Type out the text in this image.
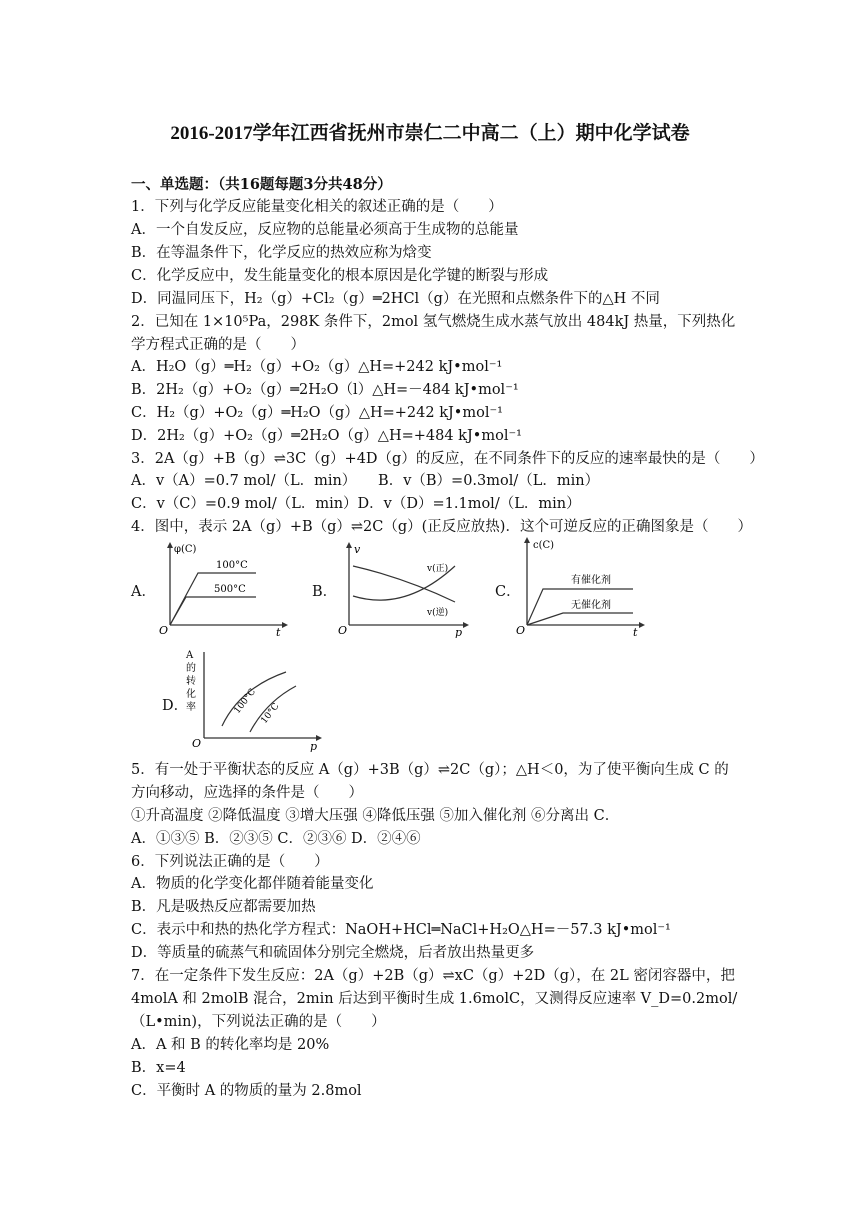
2016-2017学年江西省抚州市崇仁二中高二（上）期中化学试卷
一、单选题：（共16题每题3分共48分）
1．下列与化学反应能量变化相关的叙述正确的是（　　）
A．一个自发反应，反应物的总能量必须高于生成物的总能量
B．在等温条件下，化学反应的热效应称为焓变
C．化学反应中，发生能量变化的根本原因是化学键的断裂与形成
D．同温同压下，H₂（g）+Cl₂（g）═2HCl（g）在光照和点燃条件下的△H 不同
2．已知在 1×10⁵Pa，298K 条件下，2mol 氢气燃烧生成水蒸气放出 484kJ 热量，下列热化
学方程式正确的是（　　）
A．H₂O（g）═H₂（g）+O₂（g）△H=+242 kJ•mol⁻¹
B．2H₂（g）+O₂（g）═2H₂O（l）△H=－484 kJ•mol⁻¹
C．H₂（g）+O₂（g）═H₂O（g）△H=+242 kJ•mol⁻¹
D．2H₂（g）+O₂（g）═2H₂O（g）△H=+484 kJ•mol⁻¹
3．2A（g）+B（g）⇌3C（g）+4D（g）的反应，在不同条件下的反应的速率最快的是（　　）
A．v（A）=0.7 mol/（L．min）　　B．v（B）=0.3mol/（L．min）
C．v（C）=0.9 mol/（L．min）D．v（D）=1.1mol/（L．min）
4．图中，表示 2A（g）+B（g）⇌2C（g）(正反应放热)．这个可逆反应的正确图象是（　　）
A．	B．	C．
D．
φ(C)
t
O
100°C
500°C
v
p
O
v(正)
v(逆)
c(C)
t
O
有催化剂
无催化剂
A
的
转
化
率
p
O
100°C 10°C
5．有一处于平衡状态的反应 A（g）+3B（g）⇌2C（g）；△H＜0，为了使平衡向生成 C 的
方向移动，应选择的条件是（　　）
①升高温度 ②降低温度 ③增大压强 ④降低压强 ⑤加入催化剂 ⑥分离出 C．
A．①③⑤ B．②③⑤ C．②③⑥ D．②④⑥
6．下列说法正确的是（　　）
A．物质的化学变化都伴随着能量变化
B．凡是吸热反应都需要加热
C．表示中和热的热化学方程式：NaOH+HCl═NaCl+H₂O△H=－57.3 kJ•mol⁻¹
D．等质量的硫蒸气和硫固体分别完全燃烧，后者放出热量更多
7．在一定条件下发生反应：2A（g）+2B（g）⇌xC（g）+2D（g），在 2L 密闭容器中，把
4molA 和 2molB 混合，2min 后达到平衡时生成 1.6molC，又测得反应速率 V_D=0.2mol/
（L•min)，下列说法正确的是（　　）
A．A 和 B 的转化率均是 20%
B．x=4
C．平衡时 A 的物质的量为 2.8mol
